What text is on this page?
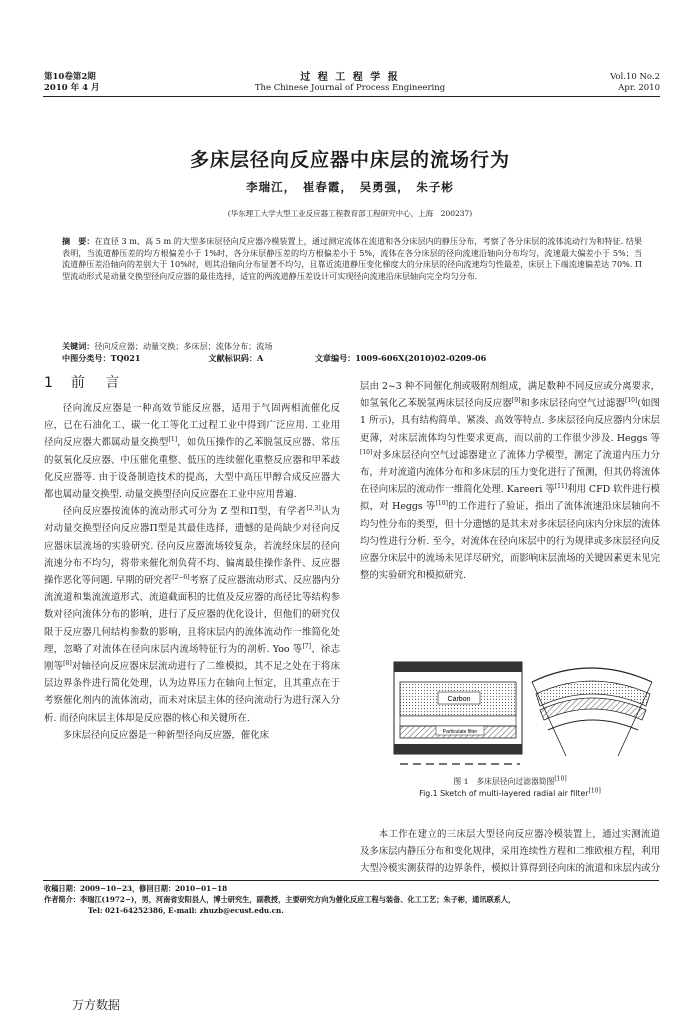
第10卷第2期
2010 年 4 月
过 程 工 程 学 报
The Chinese Journal of Process Engineering
Vol.10 No.2
Apr. 2010
多床层径向反应器中床层的流场行为
李瑞江，　崔春霞，　吴勇强，　朱子彬
(华东理工大学大型工业反应器工程教育部工程研究中心，上海　200237)
摘　要：在直径 3 m、高 5 m 的大型多床层径向反应器冷模装置上，通过测定流体在流道和各分床层内的静压分布，考察了各分床层的流体流动行为和特征. 结果表明，当流道静压差的均方根偏差小于 1%时，各分床层静压差的均方根偏差小于 5%，流体在各分床层的径向流速沿轴向分布均匀，流速最大偏差小于 5%；当流道静压差沿轴向的差别大于 10%时，则其沿轴向分布显著不均匀，且靠近流道静压变化梯度大的分床层的径向流速均匀性最差，床层上下端流速偏差达 70%. Π型流动形式是动量交换型径向反应器的最佳选择，适宜的两流道静压差设计可实现径向流速沿床层轴向完全均匀分布.
关键词：径向反应器；动量交换；多床层；流体分布；流场
中图分类号：TQ021	文献标识码：A	文章编号：1009-606X(2010)02-0209-06
1 前 言

径向流反应器是一种高效节能反应器，适用于气固两相流催化反应，已在石油化工、碳一化工等化工过程工业中得到广泛应用. 工业用径向反应器大都属动量交换型[1]，如负压操作的乙苯脱氢反应器、常压的氨氧化反应器、中压催化重整、低压的连续催化重整反应器和甲苯歧化反应器等. 由于设备制造技术的提高，大型中高压甲醇合成反应器大都也属动量交换型. 动量交换型径向反应器在工业中应用普遍.

径向反应器按流体的流动形式可分为 Z 型和Π型，有学者[2,3]认为对动量交换型径向反应器Π型是其最佳选择，遗憾的是尚缺少对径向反应器床层流场的实验研究. 径向反应器流场较复杂，若流经床层的径向流速分布不均匀，将带来催化剂负荷不均、偏离最佳操作条件、反应器操作恶化等问题. 早期的研究者[2−6]考察了反应器流动形式、反应器内分流流道和集流流道形式、流道截面积的比值及反应器的高径比等结构参数对径向流体分布的影响，进行了反应器的优化设计，但他们的研究仅限于反应器几何结构参数的影响，且将床层内的流体流动作一维简化处理，忽略了对流体在径向床层内流场特征行为的剖析. Yoo 等[7]、徐志刚等[8]对轴径向反应器床层流动进行了二维模拟，其不足之处在于将床层边界条件进行简化处理，认为边界压力在轴向上恒定，且其重点在于考察催化剂内的流体流动，而未对床层主体的径向流动行为进行深入分析. 而径向床层主体却是反应器的核心和关键所在.

多床层径向反应器是一种新型径向反应器，催化床

层由 2~3 种不同催化剂或吸附剂组成，满足数种不同反应或分离要求，如氢氧化乙苯脱氢两床层径向反应器[9]和多床层径向空气过滤器[10](如图 1 所示)，具有结构简单、紧凑、高效等特点. 多床层径向反应器内分床层更薄，对床层流体均匀性要求更高，而以前的工作很少涉及. Heggs 等[10]对多床层径向空气过滤器建立了流体力学模型，测定了流道内压力分布，并对流道内流体分布和多床层的压力变化进行了预测，但其仍将流体在径向床层的流动作一维简化处理. Kareeri 等[11]利用 CFD 软件进行模拟，对 Heggs 等[10]的工作进行了验证，指出了流体流速沿床层轴向不均匀性分布的类型，但十分遗憾的是其未对多床层径向床内分床层的流体均匀性进行分析. 至今，对流体在径向床层中的行为规律或多床层径向反应器分床层中的流场未见详尽研究，而影响床层流场的关键因素更未见完整的实验研究和模拟研究.

Carbon
Particulate filter
图 1　多床层径向过滤器简图[10]
Fig.1 Sketch of multi-layered radial air filter[10]

本工作在建立的三床层大型径向反应器冷模装置上，通过实测流道及多床层内静压分布和变化规律，采用连续性方程和二维欧根方程，利用大型冷模实测获得的边界条件，模拟计算得到径向床的流道和床层内或分

收稿日期：2009−10−23，修回日期：2010−01−18
作者简介：李瑞江(1972−)，男，河南省安阳县人，博士研究生，副教授，主要研究方向为催化反应工程与装备、化工工艺；朱子彬，通讯联系人，
Tel: 021-64252386, E-mail: zhuzb@ecust.edu.cn.
万方数据
